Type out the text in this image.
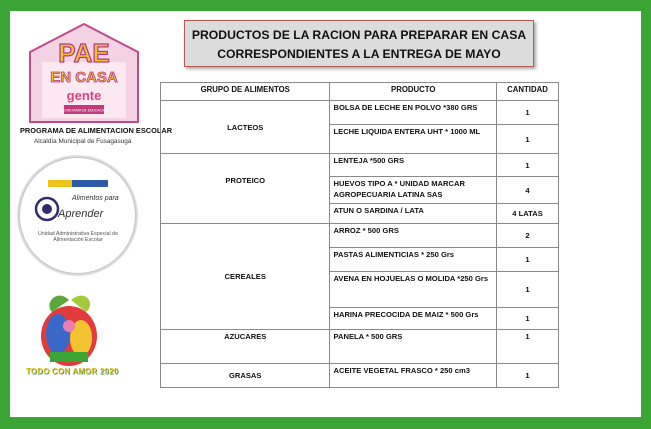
PAE
EN CASA
gente
SECRETARÍA DE EDUCACIÓN
PROGRAMA DE ALIMENTACION ESCOLAR
Alcaldía Municipal de Fusagasugá
Alimentos para
Aprender
Unidad Administrativa Especial de Alimentación Escolar
TODO CON AMOR 2020
PRODUCTOS DE LA RACION PARA PREPARAR EN CASA
CORRESPONDIENTES A LA ENTREGA DE MAYO
GRUPO DE ALIMENTOS	PRODUCTO	CANTIDAD
LACTEOS	BOLSA DE LECHE EN POLVO *380 GRS	1
	LECHE LIQUIDA ENTERA UHT * 1000 ML	1
PROTEICO	LENTEJA *500 GRS	1
	HUEVOS TIPO A * UNIDAD MARCAR AGROPECUARIA LATINA SAS	4
	ATUN O SARDINA / LATA	4 LATAS
CEREALES	ARROZ * 500 GRS	2
	PASTAS ALIMENTICIAS * 250 Grs	1
	AVENA EN HOJUELAS O MOLIDA *250 Grs	1
	HARINA PRECOCIDA DE MAIZ * 500 Grs	1
AZUCARES	PANELA * 500 GRS	1
GRASAS	ACEITE VEGETAL FRASCO * 250 cm3	1
